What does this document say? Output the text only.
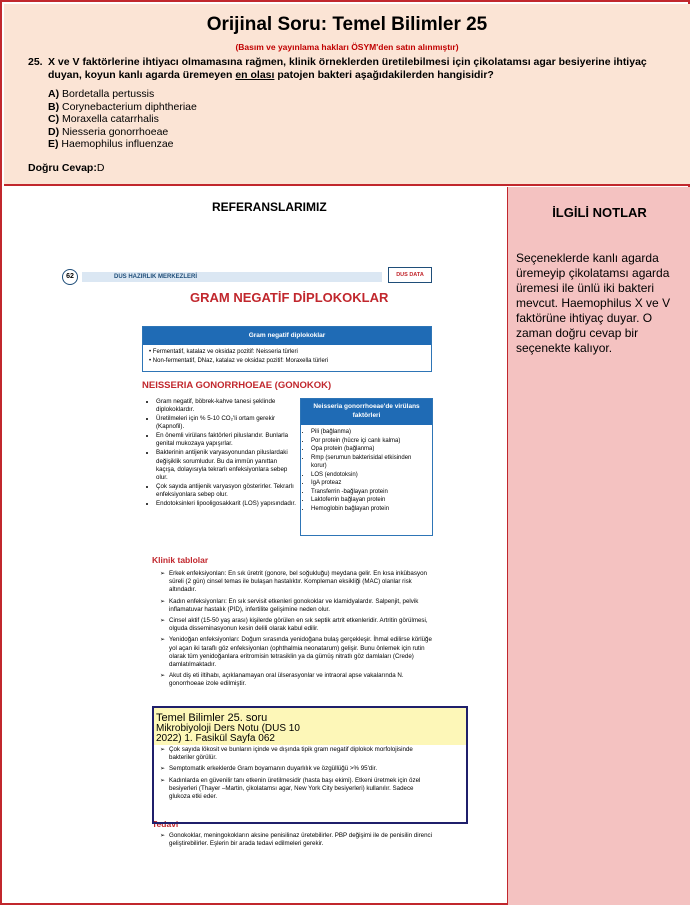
Orijinal Soru: Temel Bilimler 25
(Basım ve yayınlama hakları ÖSYM'den satın alınmıştır)
25. X ve V faktörlerine ihtiyacı olmamasına rağmen, klinik örneklerden üretilebilmesi için çikolatamsı agar besiyerine ihtiyaç duyan, koyun kanlı agarda üremeyen en olası patojen bakteri aşağıdakilerden hangisidir?
A) Bordetalla pertussis
B) Corynebacterium diphtheriae
C) Moraxella catarrhalis
D) Niesseria gonorrhoeae
E) Haemophilus influenzae
Doğru Cevap:D
REFERANSLARIMIZ	İLGİLİ NOTLAR
Seçeneklerde kanlı agarda üremeyip çikolatamsı agarda üremesi ile ünlü iki bakteri mevcut. Haemophilus X ve V faktörüne ihtiyaç duyar. O zaman doğru cevap bir seçenekte kalıyor.
DUS HAZIRLIK MERKEZLERİ
62	DUS DATA
GRAM NEGATİF DİPLOKOKLAR
Gram negatif diplokoklar
• Fermentatif, katalaz ve oksidaz pozitif: Neisseria türleri
• Non-fermentatif, DNaz, katalaz ve oksidaz pozitif: Moraxella türleri
NEISSERIA GONORRHOEAE (GONOKOK)
• Gram negatif, böbrek-kahve tanesi şeklinde diplokoklardır.
• Üretilmeleri için % 5-10 CO₂'li ortam gerekir (Kapnofil).
• En önemli virülans faktörleri piluslarıdır. Bunlarla genital mukozaya yapışırlar.
• Bakterinin antijenik varyasyonundan piluslardaki değişiklik sorumludur. Bu da immün yanıttan kaçışa, dolayısıyla tekrarlı enfeksiyonlara sebep olur.
• Çok sayıda antijenik varyasyon gösterirler. Tekrarlı enfeksiyonlara sebep olur.
• Endotoksinleri lipooligosakkarit (LOS) yapısındadır.
Neisseria gonorrhoeae'de virülans faktörleri
• Pili (bağlanma)
• Por protein (hücre içi canlı kalma)
• Opa protein (bağlanma)
• Rmp (serumun bakterisidal etkisinden korur)
• LOS (endotoksin)
• IgA proteaz
• Transferrin -bağlayan protein
• Laktoferrin bağlayan protein
• Hemoglobin bağlayan protein
Klinik tablolar
➢ Erkek enfeksiyonları: En sık üretrit (gonore, bel soğukluğu) meydana gelir. En kısa inkübasyon süreli (2 gün) cinsel temas ile bulaşan hastalıktır. Kompleman eksikliği (MAC) olanlar risk altındadır.
➢ Kadın enfeksiyonları: En sık servisit etkenleri gonokoklar ve klamidyalardır. Salpenjit, pelvik inflamatuvar hastalık (PID), infertilite gelişimine neden olur.
➢ Cinsel aktif (15-50 yaş arası) kişilerde görülen en sık septik artrit etkenleridir. Artritin görülmesi, olguda disseminasyonun kesin delili olarak kabul edilir.
➢ Yenidoğan enfeksiyonları: Doğum sırasında yenidoğana bulaş gerçekleşir. İhmal edilirse körlüğe yol açan iki taraflı göz enfeksiyonları (ophthalmia neonatarum) gelişir. Bunu önlemek için rutin olarak tüm yenidoğanlara eritromisin tetrasiklin ya da gümüş nitratlı göz damlaları (Crede) damlatılmaktadır.
➢ Akut diş eti iltihabı, açıklanamayan oral ülserasyonlar ve intraoral apse vakalarında N. gonorrhoeae izole edilmiştir.
➢ Çok sayıda lökosit ve bunların içinde ve dışında tipik gram negatif diplokok morfolojisinde bakteriler görülür.
➢ Semptomatik erkeklerde Gram boyamanın duyarlılık ve özgüllüğü >% 95'dir.
➢ Kadınlarda en güvenilir tanı etkenin üretilmesidir (hasta başı ekimi). Etkeni üretmek için özel besiyerleri (Thayer –Martin, çikolatamsı agar, New York City besiyerleri) kullanılır. Sadece glukoza etki eder.
Tedavi
➢ Gonokoklar, meningokokların aksine penisilinaz üretebilirler. PBP değişimi ile de penisilin direnci geliştirebilirler. Eşlerin bir arada tedavi edilmeleri gerekir.
Temel Bilimler 25. soru
Mikrobiyoloji Ders Notu (DUS 10
2022) 1. Fasikül Sayfa 062
